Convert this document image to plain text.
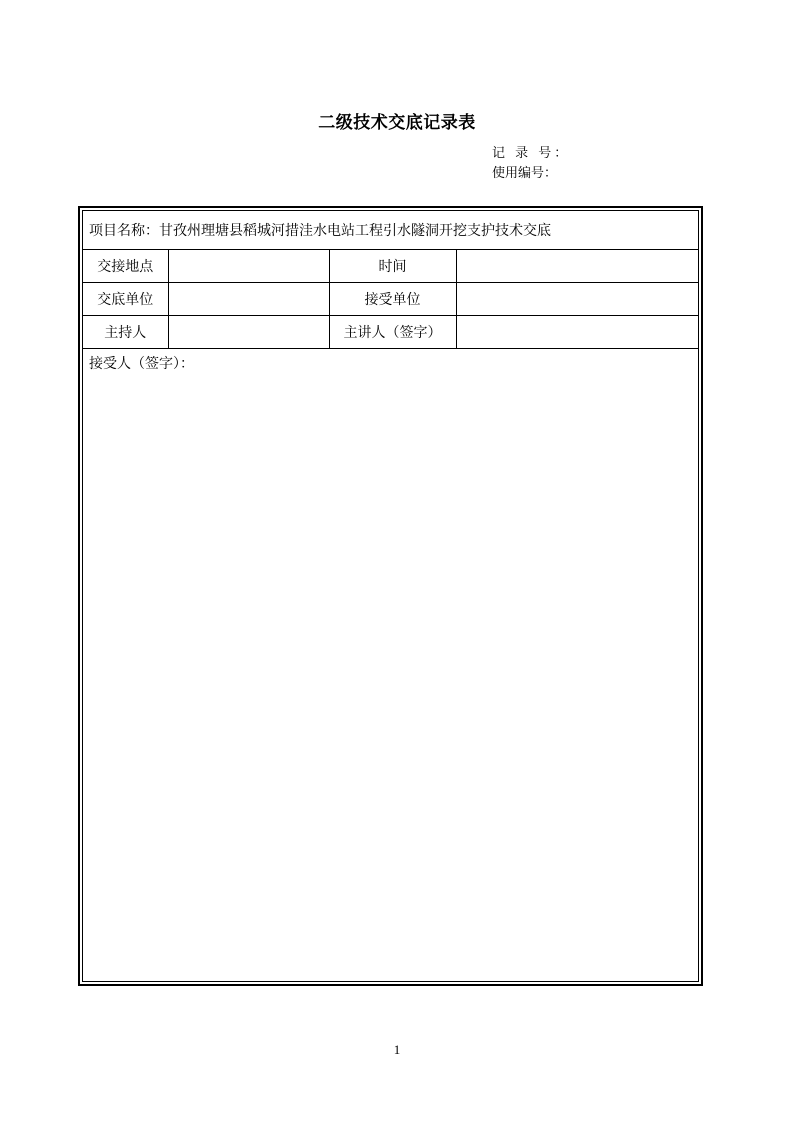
二级技术交底记录表
记 录 号：
使用编号：
项目名称：甘孜州理塘县稻城河措洼水电站工程引水隧洞开挖支护技术交底			
交接地点		时间	
交底单位		接受单位	
主持人		主讲人（签字）	
接受人（签字）：
1
